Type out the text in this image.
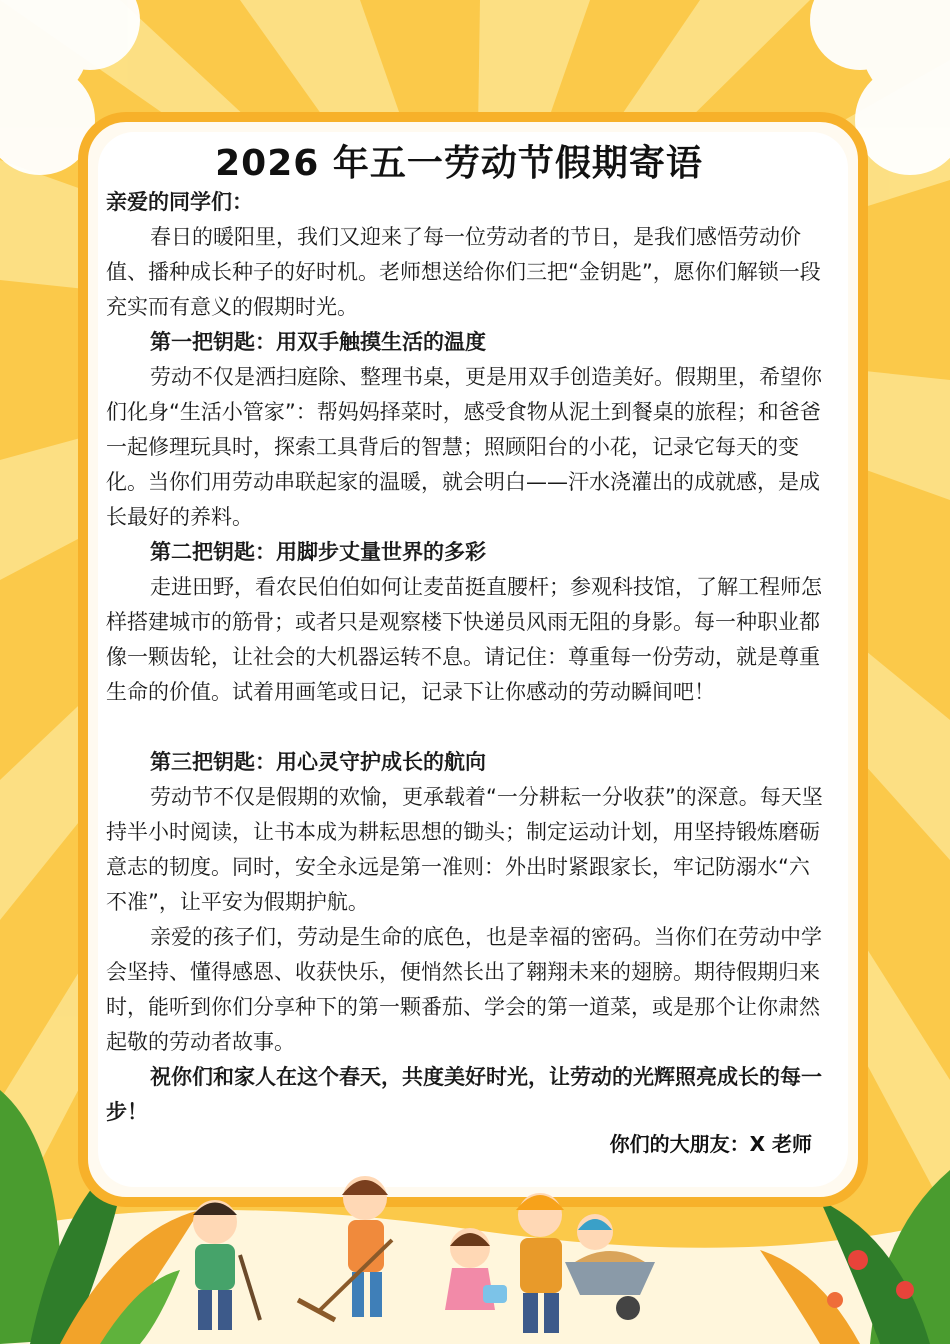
2026 年五一劳动节假期寄语
亲爱的同学们：
春日的暖阳里，我们又迎来了每一位劳动者的节日，是我们感悟劳动价值、播种成长种子的好时机。老师想送给你们三把“金钥匙”，愿你们解锁一段充实而有意义的假期时光。
第一把钥匙：用双手触摸生活的温度
劳动不仅是洒扫庭除、整理书桌，更是用双手创造美好。假期里，希望你们化身“生活小管家”：帮妈妈择菜时，感受食物从泥土到餐桌的旅程；和爸爸一起修理玩具时，探索工具背后的智慧；照顾阳台的小花，记录它每天的变化。当你们用劳动串联起家的温暖，就会明白——汗水浇灌出的成就感，是成长最好的养料。
第二把钥匙：用脚步丈量世界的多彩
走进田野，看农民伯伯如何让麦苗挺直腰杆；参观科技馆，了解工程师怎样搭建城市的筋骨；或者只是观察楼下快递员风雨无阻的身影。每一种职业都像一颗齿轮，让社会的大机器运转不息。请记住：尊重每一份劳动，就是尊重生命的价值。试着用画笔或日记，记录下让你感动的劳动瞬间吧！
第三把钥匙：用心灵守护成长的航向
劳动节不仅是假期的欢愉，更承载着“一分耕耘一分收获”的深意。每天坚持半小时阅读，让书本成为耕耘思想的锄头；制定运动计划，用坚持锻炼磨砺意志的韧度。同时，安全永远是第一准则：外出时紧跟家长，牢记防溺水“六不准”，让平安为假期护航。
亲爱的孩子们，劳动是生命的底色，也是幸福的密码。当你们在劳动中学会坚持、懂得感恩、收获快乐，便悄然长出了翱翔未来的翅膀。期待假期归来时，能听到你们分享种下的第一颗番茄、学会的第一道菜，或是那个让你肃然起敬的劳动者故事。
祝你们和家人在这个春天，共度美好时光，让劳动的光辉照亮成长的每一步！
你们的大朋友：X 老师
